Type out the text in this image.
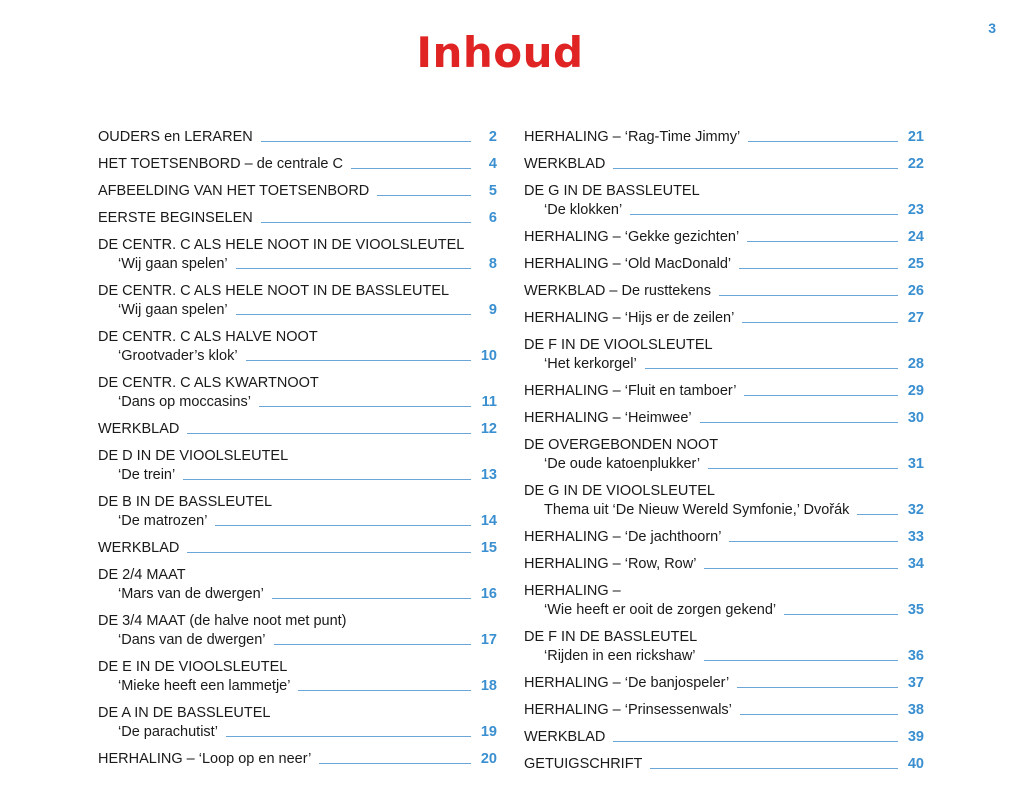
3
Inhoud
OUDERS en LERAREN	2
HET TOETSENBORD – de centrale C	4
AFBEELDING VAN HET TOETSENBORD	5
EERSTE BEGINSELEN	6
DE CENTR. C ALS HELE NOOT IN DE VIOOLSLEUTEL
‘Wij gaan spelen’	8
DE CENTR. C ALS HELE NOOT IN DE BASSLEUTEL
‘Wij gaan spelen’	9
DE CENTR. C ALS HALVE NOOT
‘Grootvader’s klok’	10
DE CENTR. C ALS KWARTNOOT
‘Dans op moccasins’	11
WERKBLAD	12
DE D IN DE VIOOLSLEUTEL
‘De trein’	13
DE B IN DE BASSLEUTEL
‘De matrozen’	14
WERKBLAD	15
DE 2/4 MAAT
‘Mars van de dwergen’	16
DE 3/4 MAAT (de halve noot met punt)
‘Dans van de dwergen’	17
DE E IN DE VIOOLSLEUTEL
‘Mieke heeft een lammetje’	18
DE A IN DE BASSLEUTEL
‘De parachutist’	19
HERHALING – ‘Loop op en neer’	20
HERHALING – ‘Rag-Time Jimmy’	21
WERKBLAD	22
DE G IN DE BASSLEUTEL
‘De klokken’	23
HERHALING – ‘Gekke gezichten’	24
HERHALING – ‘Old MacDonald’	25
WERKBLAD – De rusttekens	26
HERHALING – ‘Hijs er de zeilen’	27
DE F IN DE VIOOLSLEUTEL
‘Het kerkorgel’	28
HERHALING – ‘Fluit en tamboer’	29
HERHALING – ‘Heimwee’	30
DE OVERGEBONDEN NOOT
‘De oude katoenplukker’	31
DE G IN DE VIOOLSLEUTEL
Thema uit ‘De Nieuw Wereld Symfonie,’ Dvořák	32
HERHALING – ‘De jachthoorn’	33
HERHALING – ‘Row, Row’	34
HERHALING –
‘Wie heeft er ooit de zorgen gekend’	35
DE F IN DE BASSLEUTEL
‘Rijden in een rickshaw’	36
HERHALING – ‘De banjospeler’	37
HERHALING – ‘Prinsessenwals’	38
WERKBLAD	39
GETUIGSCHRIFT	40
